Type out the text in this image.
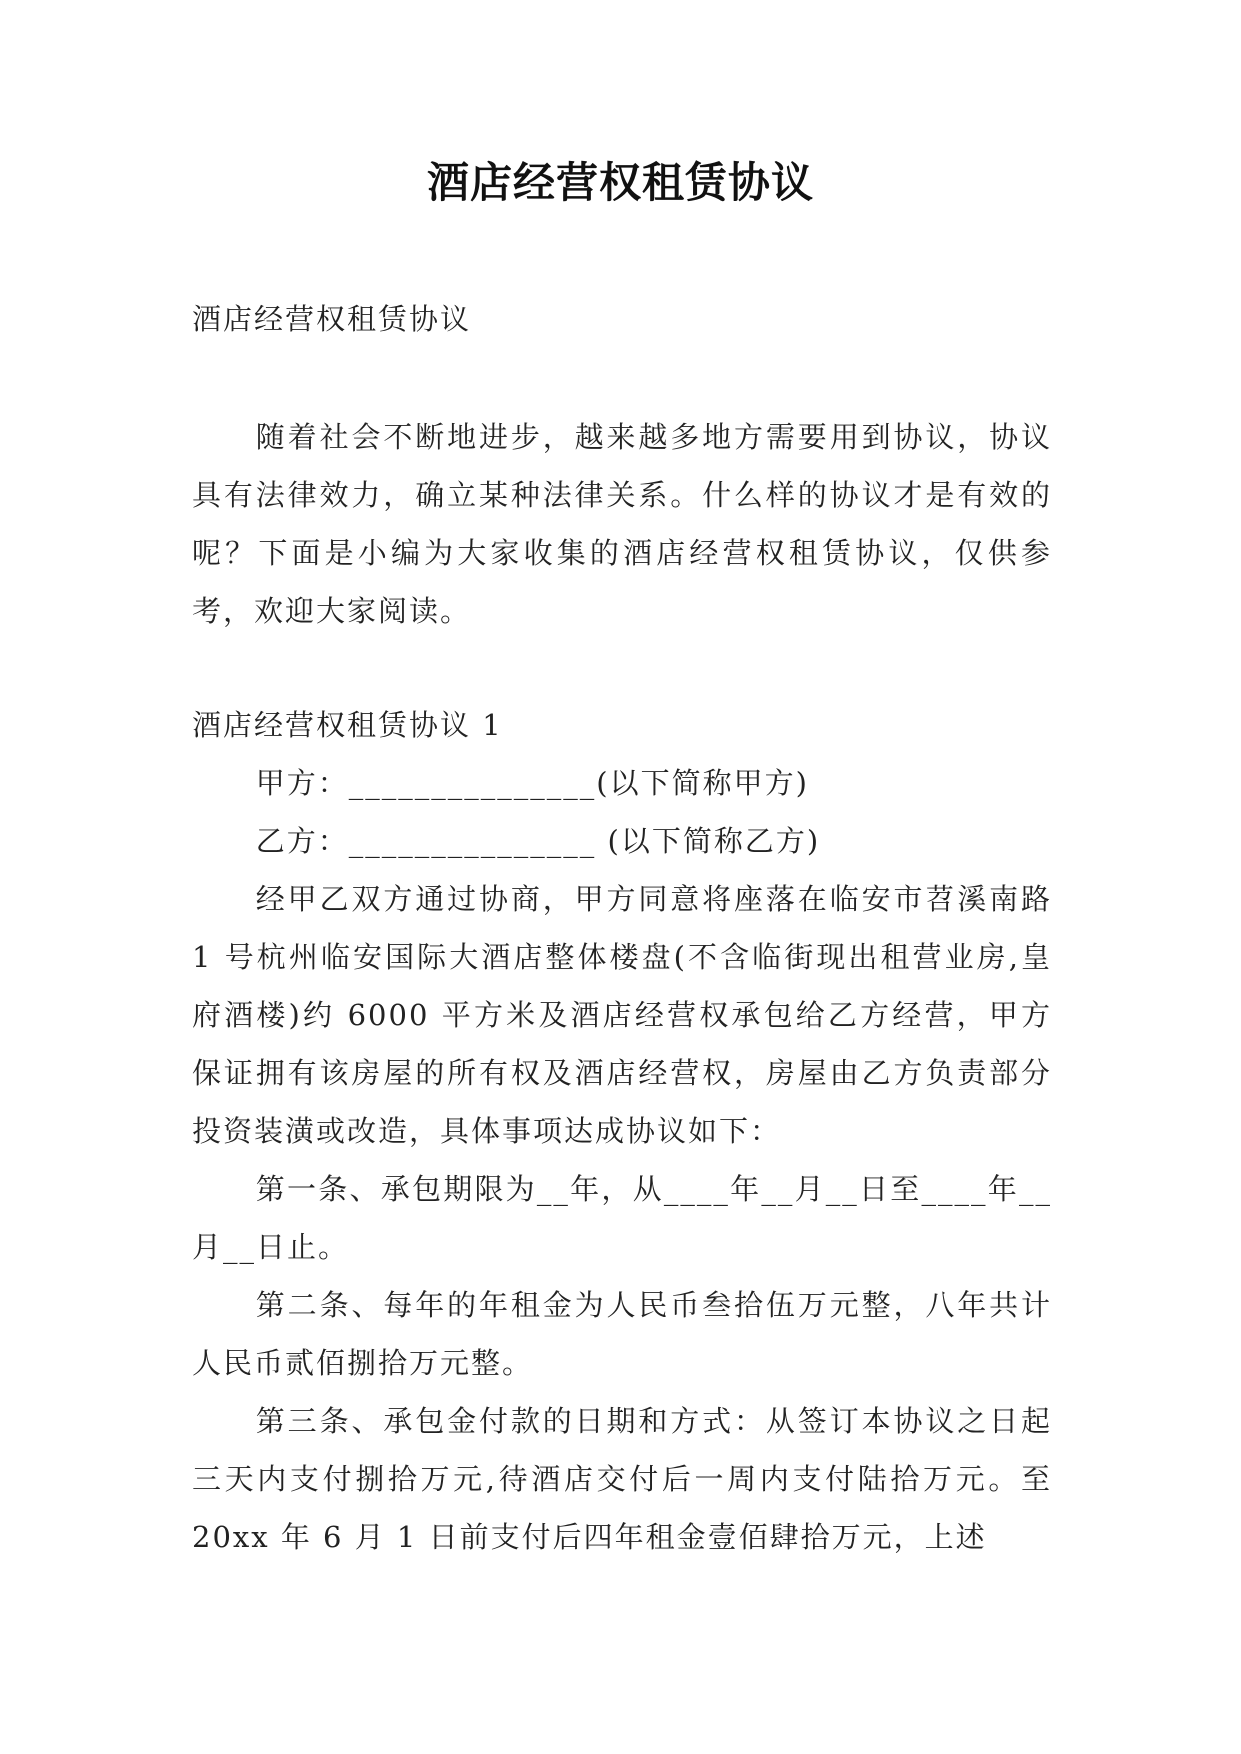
酒店经营权租赁协议

酒店经营权租赁协议

随着社会不断地进步，越来越多地方需要用到协议，协议具有法律效力，确立某种法律关系。什么样的协议才是有效的呢？下面是小编为大家收集的酒店经营权租赁协议，仅供参考，欢迎大家阅读。

酒店经营权租赁协议 1

甲方：_______________(以下简称甲方)

乙方：_______________ (以下简称乙方)

经甲乙双方通过协商，甲方同意将座落在临安市苕溪南路 1 号杭州临安国际大酒店整体楼盘(不含临街现出租营业房,皇府酒楼)约 6000 平方米及酒店经营权承包给乙方经营，甲方保证拥有该房屋的所有权及酒店经营权，房屋由乙方负责部分投资装潢或改造，具体事项达成协议如下：

第一条、承包期限为__年，从____年__月__日至____年__月__日止。

第二条、每年的年租金为人民币叁拾伍万元整，八年共计人民币贰佰捌拾万元整。

第三条、承包金付款的日期和方式：从签订本协议之日起三天内支付捌拾万元,待酒店交付后一周内支付陆拾万元。至 20xx 年 6 月 1 日前支付后四年租金壹佰肆拾万元，上述
